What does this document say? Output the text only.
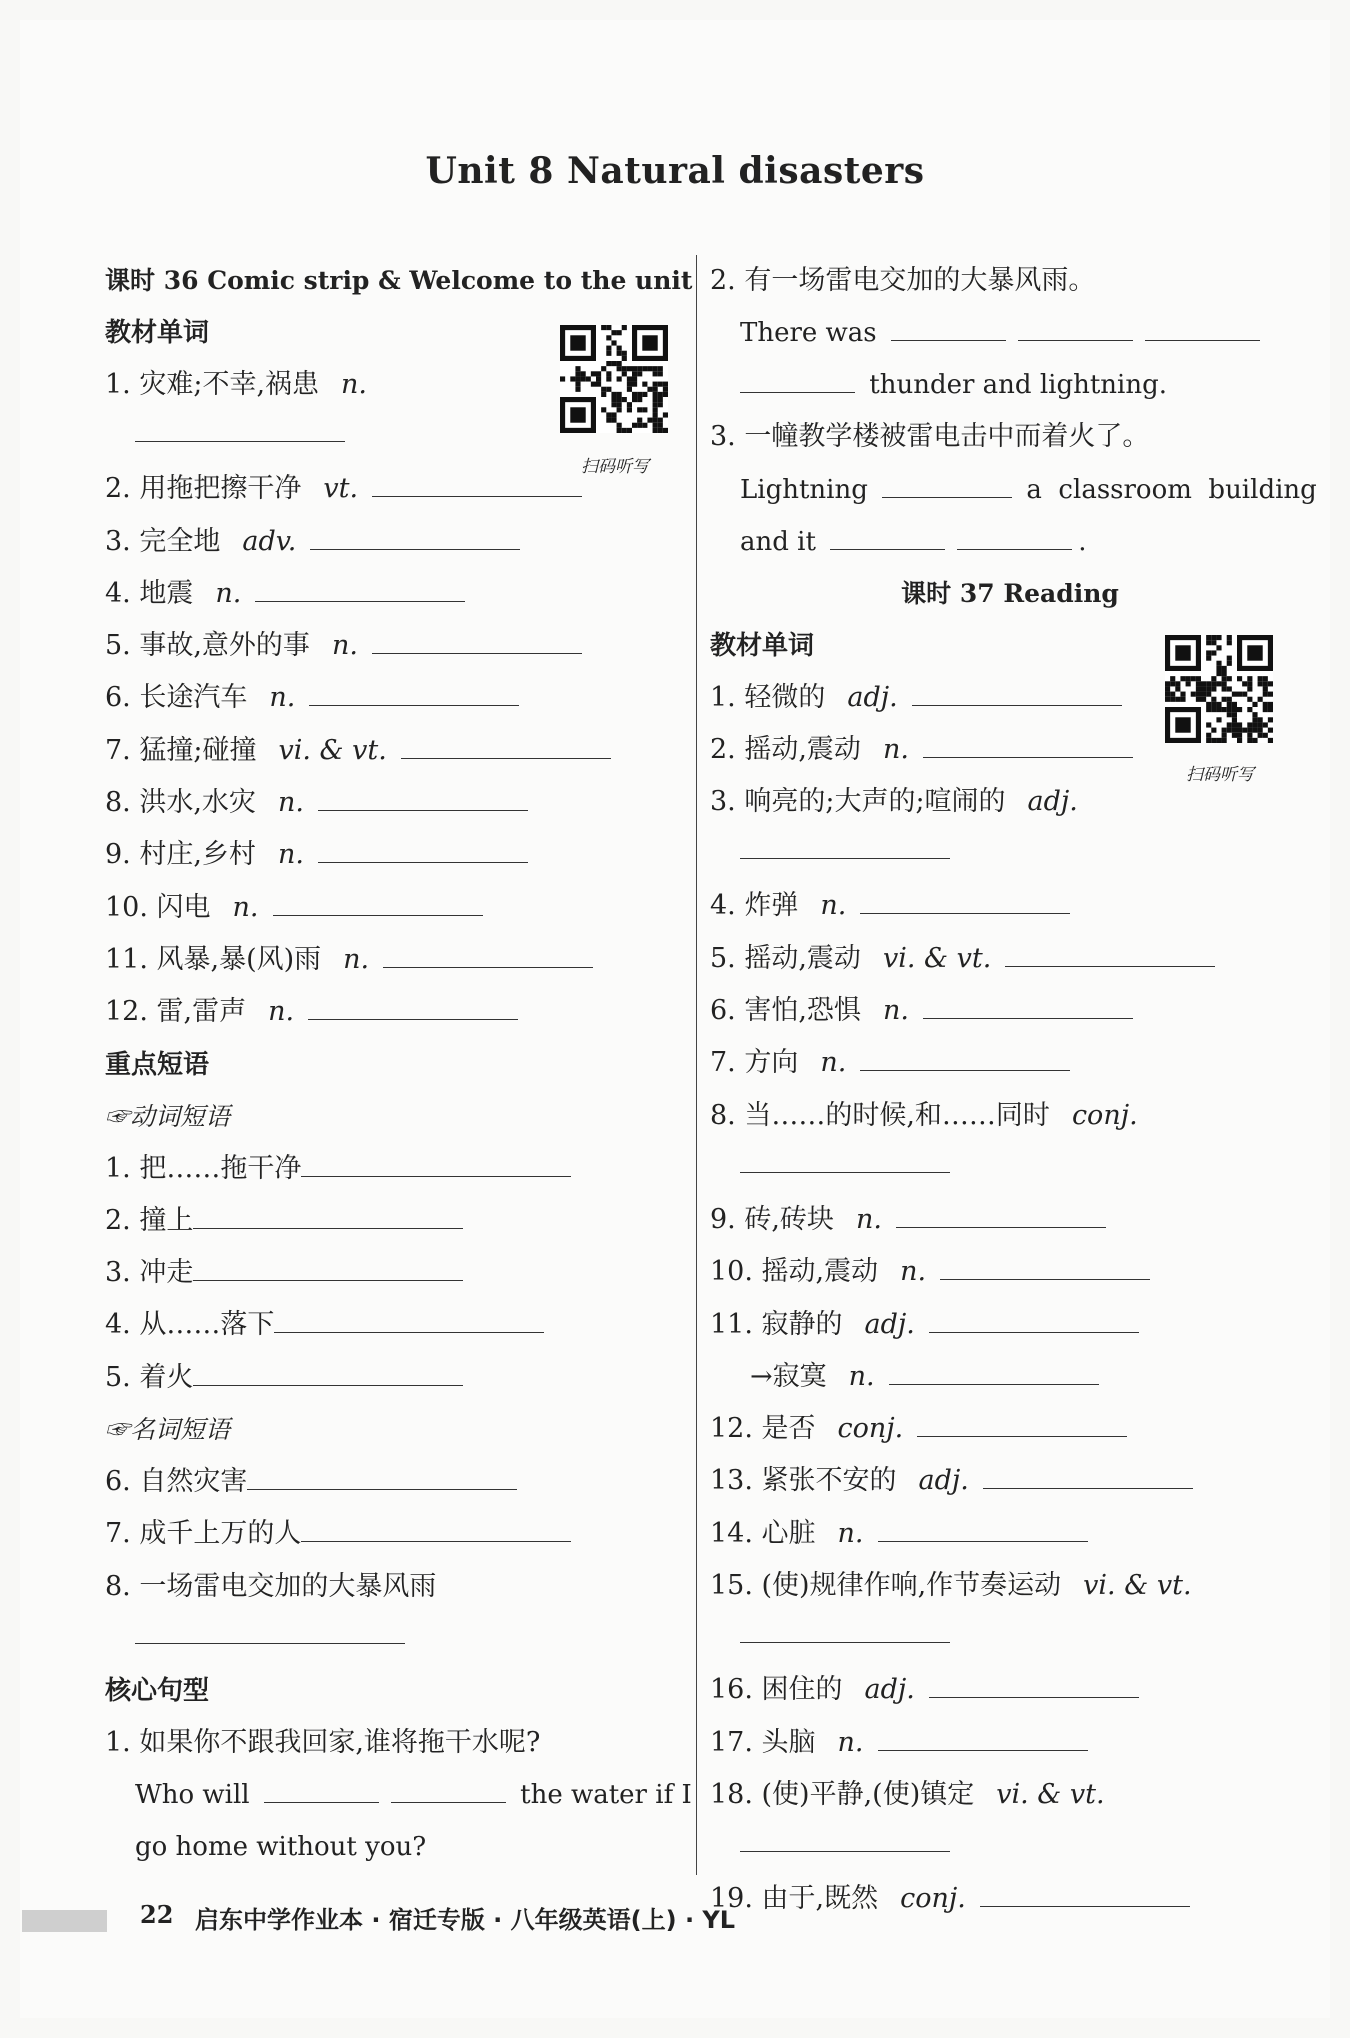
Unit 8 Natural disasters
课时 36 Comic strip & Welcome to the unit
教材单词
1. 灾难;不幸,祸患 n.
2. 用拖把擦干净 vt.
3. 完全地 adv.
4. 地震 n.
5. 事故,意外的事 n.
6. 长途汽车 n.
7. 猛撞;碰撞 vi. & vt.
8. 洪水,水灾 n.
9. 村庄,乡村 n.
10. 闪电 n.
11. 风暴,暴(风)雨 n.
12. 雷,雷声 n.
重点短语
☞动词短语
1. 把……拖干净
2. 撞上
3. 冲走
4. 从……落下
5. 着火
☞名词短语
6. 自然灾害
7. 成千上万的人
8. 一场雷电交加的大暴风雨
核心句型
1. 如果你不跟我回家,谁将拖干水呢?
Who will	the water if I
go home without you?
扫码听写
2. 有一场雷电交加的大暴风雨。
There was
thunder and lightning.
3. 一幢教学楼被雷电击中而着火了。
Lightning	a  classroom  building
and it	.
课时 37 Reading
教材单词
1. 轻微的 adj.
2. 摇动,震动 n.
3. 响亮的;大声的;喧闹的 adj.
4. 炸弹 n.
5. 摇动,震动 vi. & vt.
6. 害怕,恐惧 n.
7. 方向 n.
8. 当……的时候,和……同时 conj.
9. 砖,砖块 n.
10. 摇动,震动 n.
11. 寂静的 adj.
→寂寞 n.
12. 是否 conj.
13. 紧张不安的 adj.
14. 心脏 n.
15. (使)规律作响,作节奏运动 vi. & vt.
16. 困住的 adj.
17. 头脑 n.
18. (使)平静,(使)镇定 vi. & vt.
19. 由于,既然 conj.
扫码听写
22 启东中学作业本 · 宿迁专版 · 八年级英语(上) · YL
